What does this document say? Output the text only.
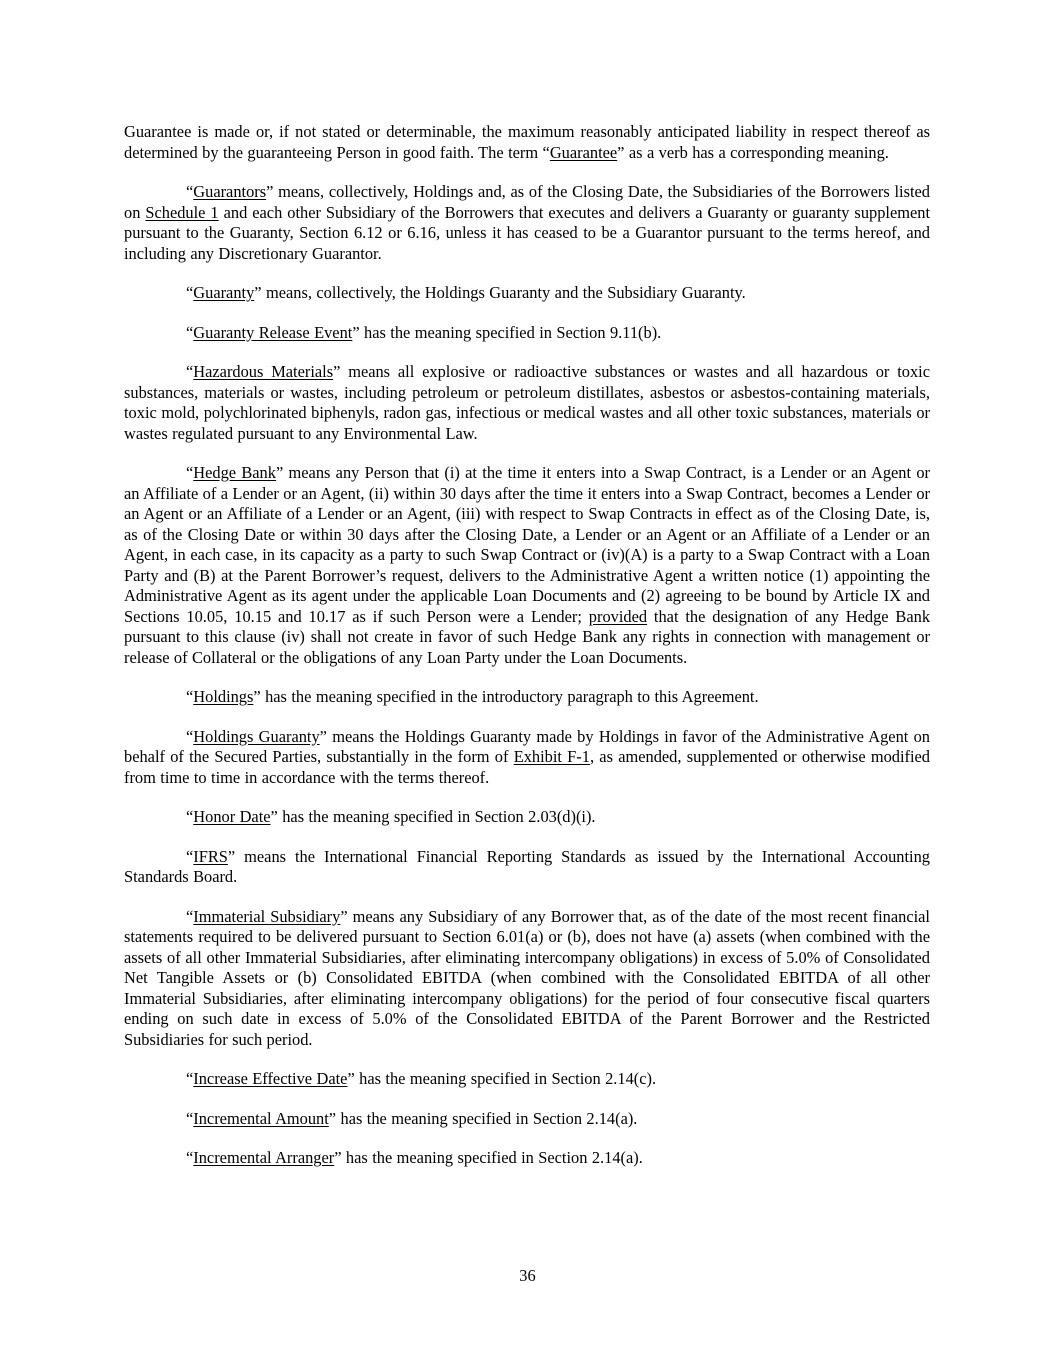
Guarantee is made or, if not stated or determinable, the maximum reasonably anticipated liability in respect thereof as determined by the guaranteeing Person in good faith. The term “Guarantee” as a verb has a corresponding meaning.

“Guarantors” means, collectively, Holdings and, as of the Closing Date, the Subsidiaries of the Borrowers listed on Schedule 1 and each other Subsidiary of the Borrowers that executes and delivers a Guaranty or guaranty supplement pursuant to the Guaranty, Section 6.12 or 6.16, unless it has ceased to be a Guarantor pursuant to the terms hereof, and including any Discretionary Guarantor.

“Guaranty” means, collectively, the Holdings Guaranty and the Subsidiary Guaranty.

“Guaranty Release Event” has the meaning specified in Section 9.11(b).

“Hazardous Materials” means all explosive or radioactive substances or wastes and all hazardous or toxic substances, materials or wastes, including petroleum or petroleum distillates, asbestos or asbestos-containing materials, toxic mold, polychlorinated biphenyls, radon gas, infectious or medical wastes and all other toxic substances, materials or wastes regulated pursuant to any Environmental Law.

“Hedge Bank” means any Person that (i) at the time it enters into a Swap Contract, is a Lender or an Agent or an Affiliate of a Lender or an Agent, (ii) within 30 days after the time it enters into a Swap Contract, becomes a Lender or an Agent or an Affiliate of a Lender or an Agent, (iii) with respect to Swap Contracts in effect as of the Closing Date, is, as of the Closing Date or within 30 days after the Closing Date, a Lender or an Agent or an Affiliate of a Lender or an Agent, in each case, in its capacity as a party to such Swap Contract or (iv)(A) is a party to a Swap Contract with a Loan Party and (B) at the Parent Borrower’s request, delivers to the Administrative Agent a written notice (1) appointing the Administrative Agent as its agent under the applicable Loan Documents and (2) agreeing to be bound by Article IX and Sections 10.05, 10.15 and 10.17 as if such Person were a Lender; provided that the designation of any Hedge Bank pursuant to this clause (iv) shall not create in favor of such Hedge Bank any rights in connection with management or release of Collateral or the obligations of any Loan Party under the Loan Documents.

“Holdings” has the meaning specified in the introductory paragraph to this Agreement.

“Holdings Guaranty” means the Holdings Guaranty made by Holdings in favor of the Administrative Agent on behalf of the Secured Parties, substantially in the form of Exhibit F-1, as amended, supplemented or otherwise modified from time to time in accordance with the terms thereof.

“Honor Date” has the meaning specified in Section 2.03(d)(i).

“IFRS” means the International Financial Reporting Standards as issued by the International Accounting Standards Board.

“Immaterial Subsidiary” means any Subsidiary of any Borrower that, as of the date of the most recent financial statements required to be delivered pursuant to Section 6.01(a) or (b), does not have (a) assets (when combined with the assets of all other Immaterial Subsidiaries, after eliminating intercompany obligations) in excess of 5.0% of Consolidated Net Tangible Assets or (b) Consolidated EBITDA (when combined with the Consolidated EBITDA of all other Immaterial Subsidiaries, after eliminating intercompany obligations) for the period of four consecutive fiscal quarters ending on such date in excess of 5.0% of the Consolidated EBITDA of the Parent Borrower and the Restricted Subsidiaries for such period.

“Increase Effective Date” has the meaning specified in Section 2.14(c).

“Incremental Amount” has the meaning specified in Section 2.14(a).

“Incremental Arranger” has the meaning specified in Section 2.14(a).

36
